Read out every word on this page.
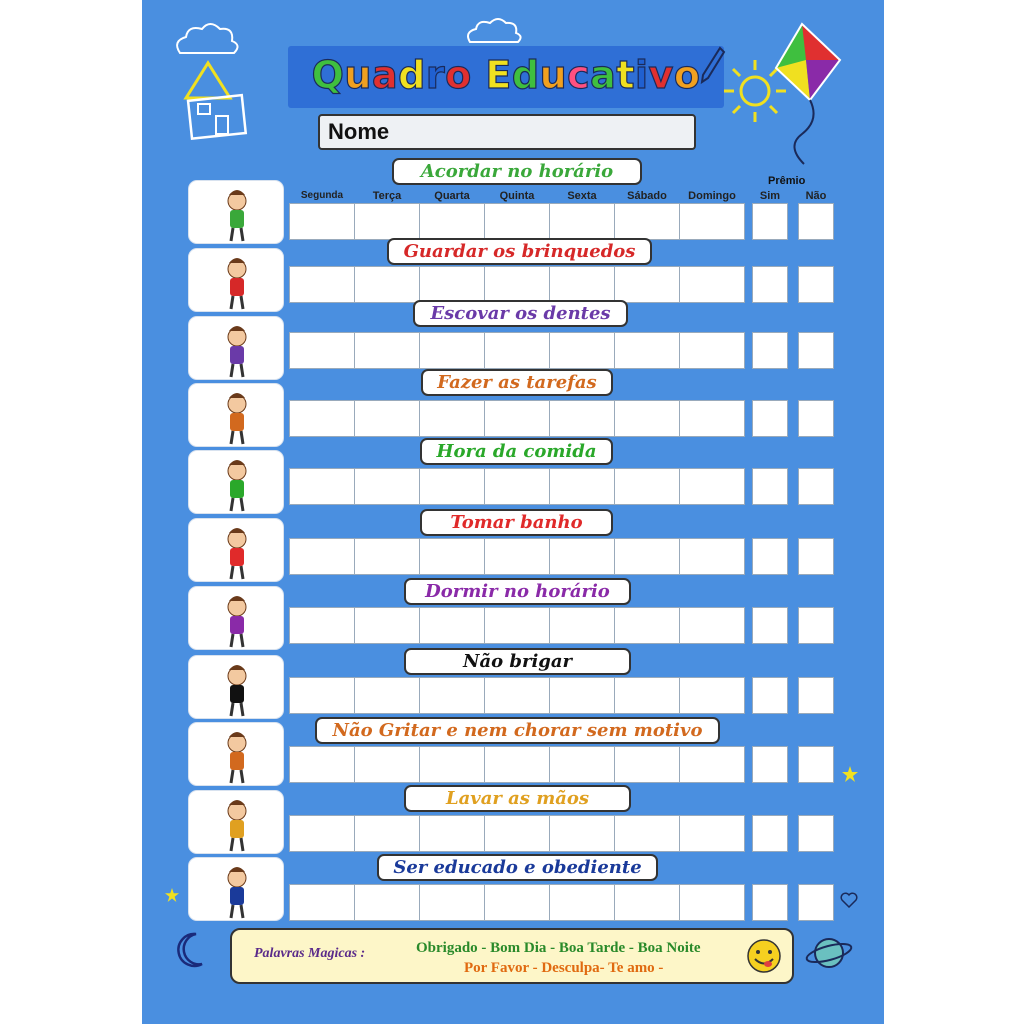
Quadro Educativo
Nome
Segunda	Terça	Quarta	Quinta	Sexta	Sábado	Domingo	Sim	Não
Prêmio
Acordar no horário
Guardar os brinquedos
Escovar os dentes
Fazer as tarefas
Hora da comida
Tomar banho
Dormir no horário
Não brigar
Não Gritar e nem chorar sem motivo
Lavar as mãos
Ser educado e obediente
Palavras Magicas :	Obrigado - Bom Dia - Boa Tarde - Boa Noite
Por Favor - Desculpa- Te amo -
